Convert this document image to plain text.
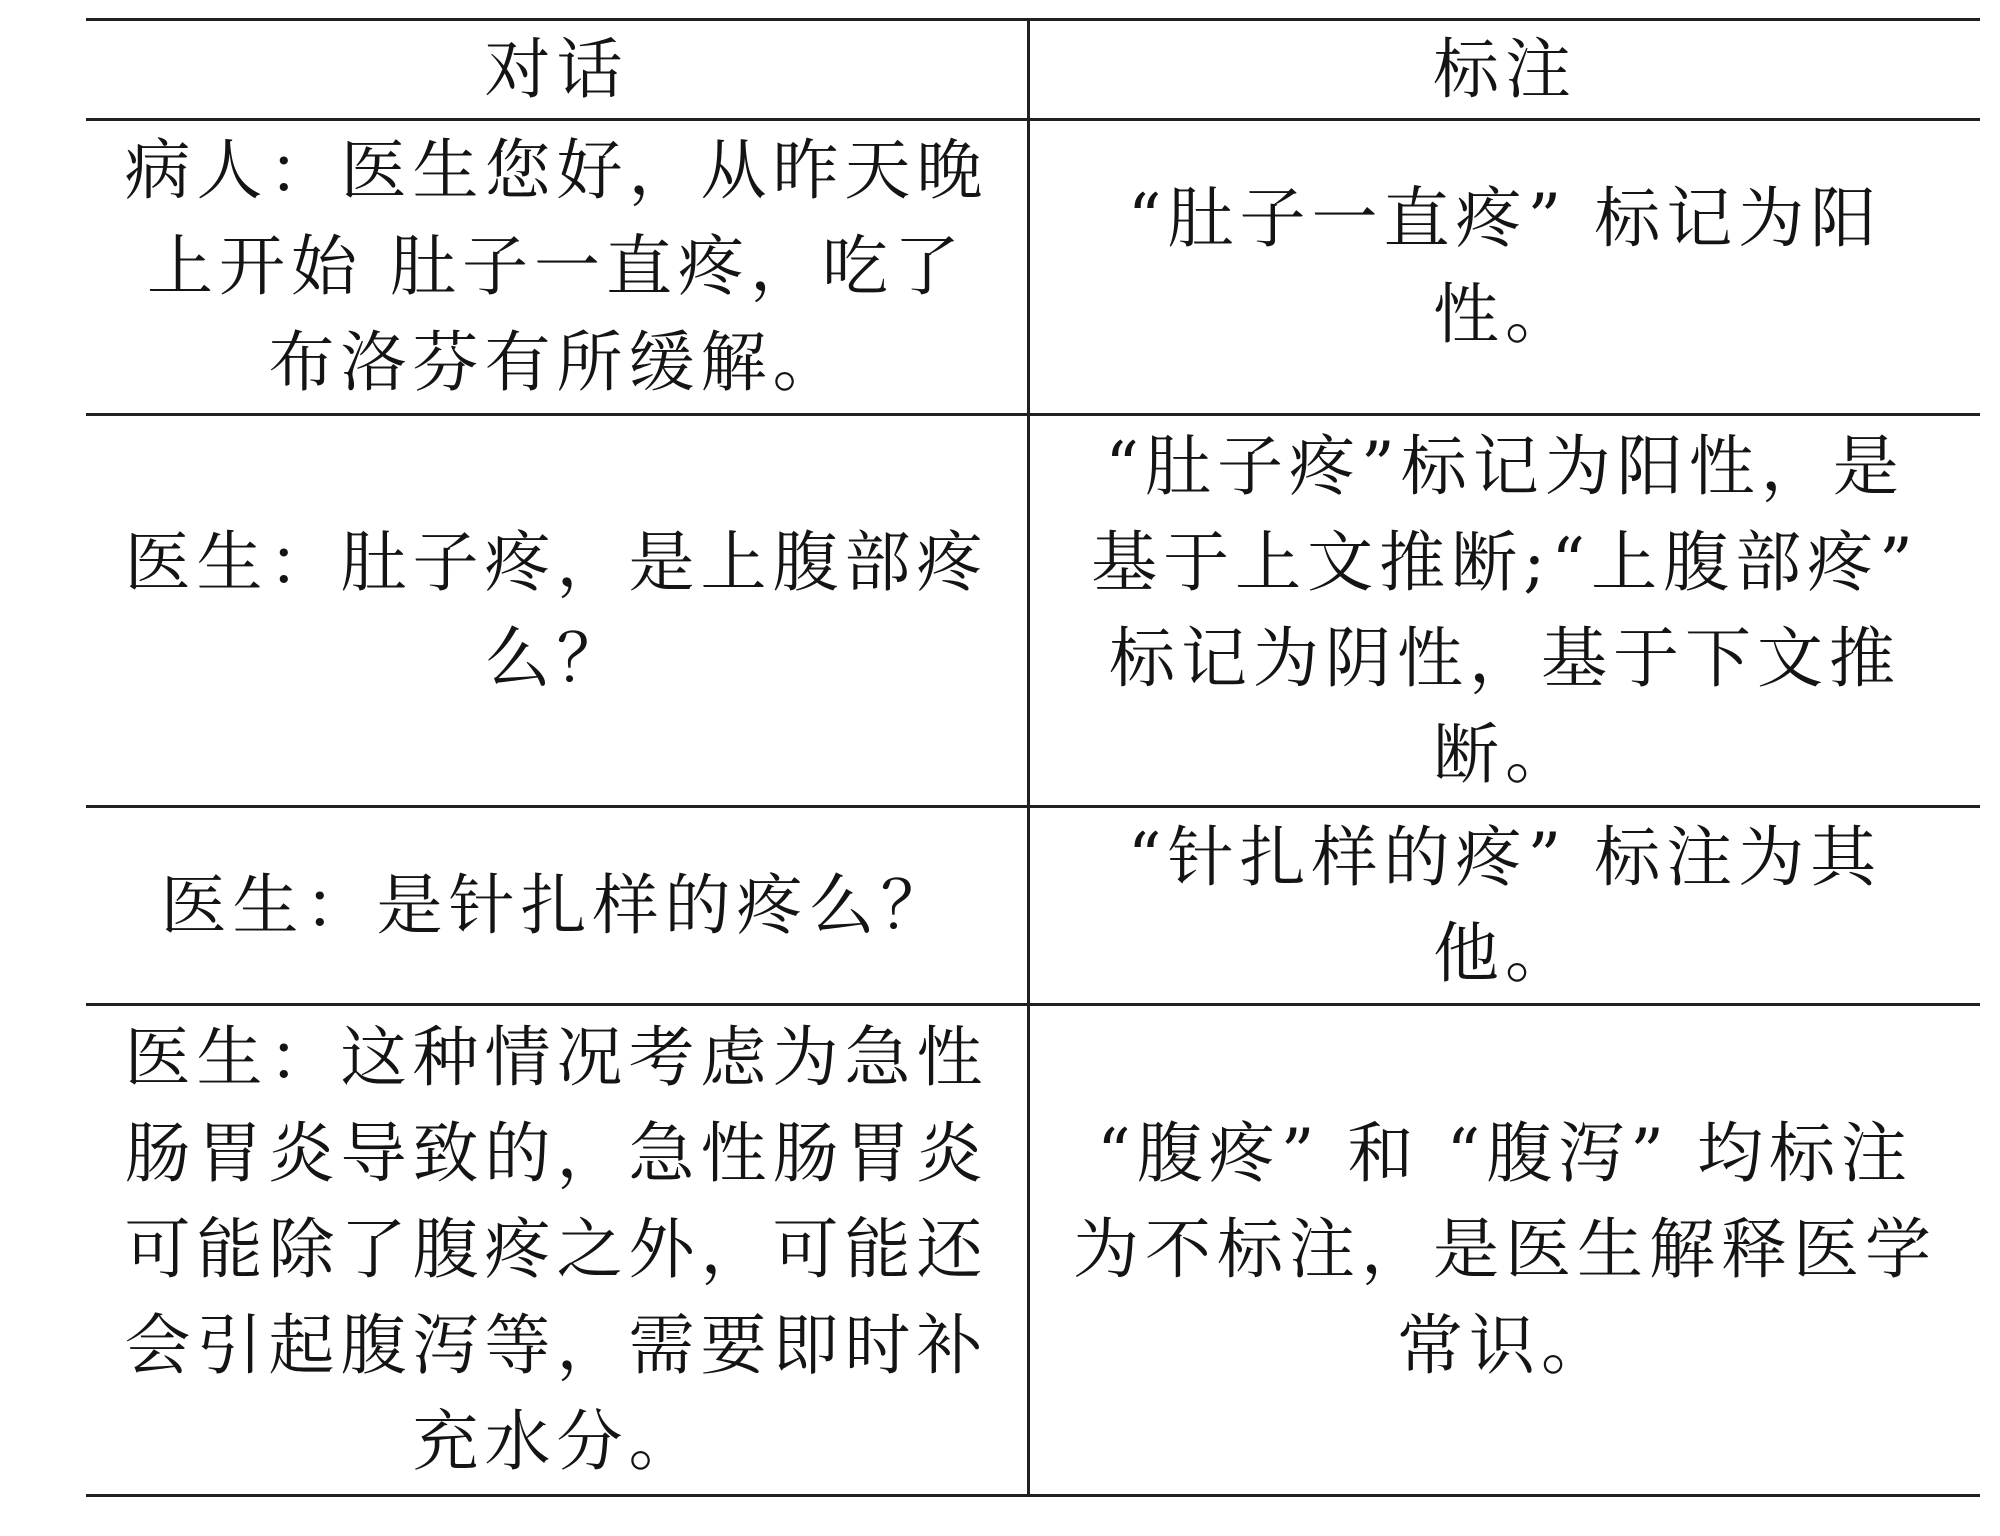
对话	标注
病人：医生您好，从昨天晚
上开始 肚子一直疼，吃了
布洛芬有所缓解。
“肚子一直疼” 标记为阳
性。
医生：肚子疼，是上腹部疼
么？
“肚子疼”标记为阳性，是
基于上文推断;“上腹部疼”
标记为阴性，基于下文推
断。
医生：是针扎样的疼么？
“针扎样的疼” 标注为其
他。
医生：这种情况考虑为急性
肠胃炎导致的，急性肠胃炎
可能除了腹疼之外，可能还
会引起腹泻等，需要即时补
充水分。
“腹疼” 和 “腹泻” 均标注
为不标注，是医生解释医学
常识。
